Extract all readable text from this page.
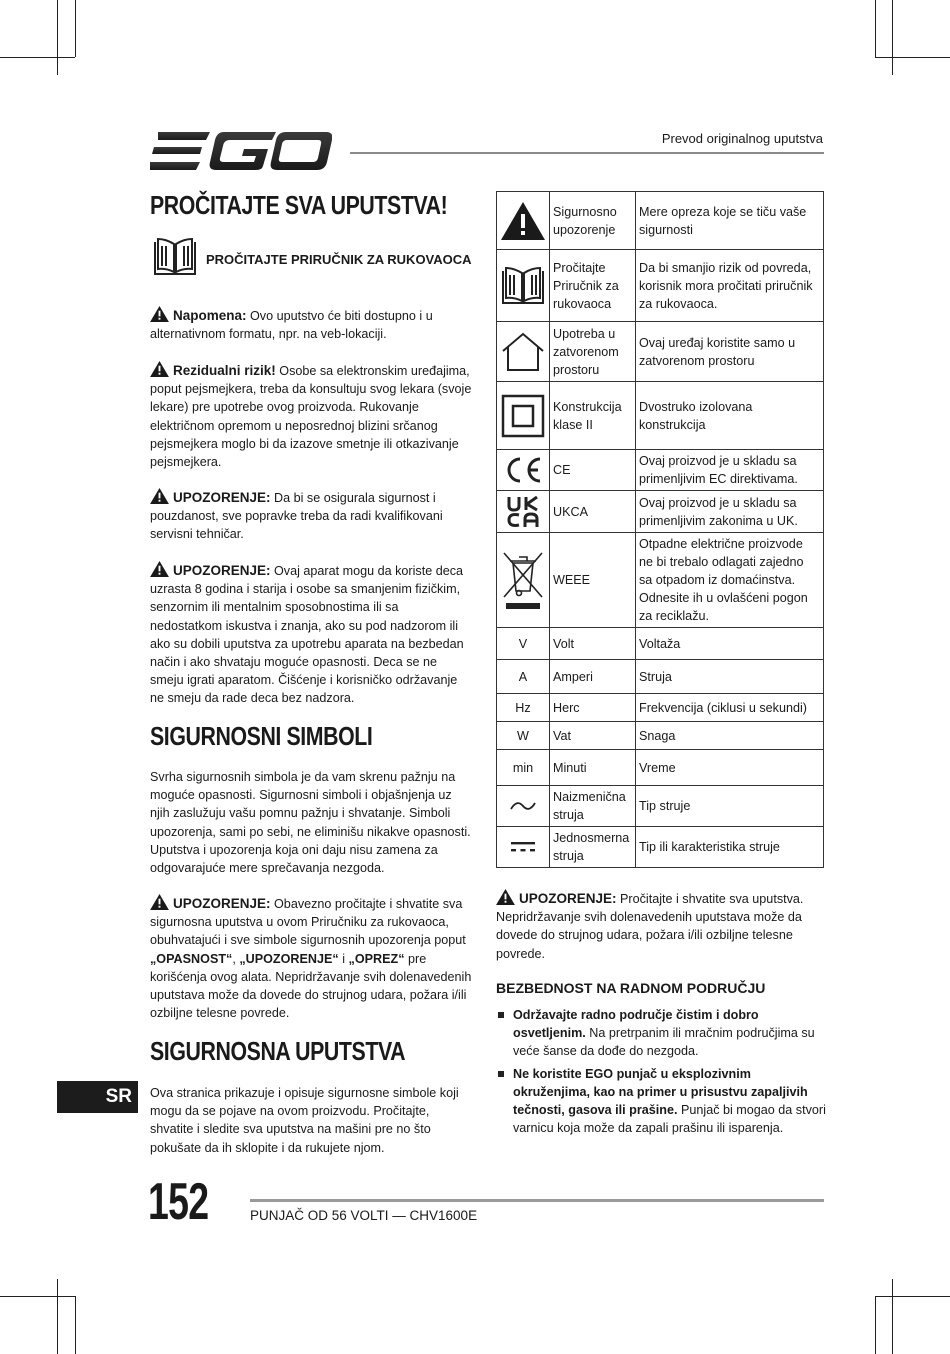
Prevod originalnog uputstva
PROČITAJTE SVA UPUTSTVA!
PROČITAJTE PRIRUČNIK ZA RUKOVAOCA
Napomena: Ovo uputstvo će biti dostupno i u alternativnom formatu, npr. na veb-lokaciji.
Rezidualni rizik! Osobe sa elektronskim uređajima, poput pejsmejkera, treba da konsultuju svog lekara (svoje lekare) pre upotrebe ovog proizvoda. Rukovanje električnom opremom u neposrednoj blizini srčanog pejsmejkera moglo bi da izazove smetnje ili otkazivanje pejsmejkera.
UPOZORENJE: Da bi se osigurala sigurnost i pouzdanost, sve popravke treba da radi kvalifikovani servisni tehničar.
UPOZORENJE: Ovaj aparat mogu da koriste deca uzrasta 8 godina i starija i osobe sa smanjenim fizičkim, senzornim ili mentalnim sposobnostima ili sa nedostatkom iskustva i znanja, ako su pod nadzorom ili ako su dobili uputstva za upotrebu aparata na bezbedan način i ako shvataju moguće opasnosti. Deca se ne smeju igrati aparatom. Čišćenje i korisničko održavanje ne smeju da rade deca bez nadzora.
SIGURNOSNI SIMBOLI
Svrha sigurnosnih simbola je da vam skrenu pažnju na moguće opasnosti. Sigurnosni simboli i objašnjenja uz njih zaslužuju vašu pomnu pažnju i shvatanje. Simboli upozorenja, sami po sebi, ne eliminišu nikakve opasnosti. Uputstva i upozorenja koja oni daju nisu zamena za odgovarajuće mere sprečavanja nezgoda.
UPOZORENJE: Obavezno pročitajte i shvatite sva sigurnosna uputstva u ovom Priručniku za rukovaoca, obuhvatajući i sve simbole sigurnosnih upozorenja poput „OPASNOST“, „UPOZORENJE“ i „OPREZ“ pre korišćenja ovog alata. Nepridržavanje svih dolenavedenih uputstava može da dovede do strujnog udara, požara i/ili ozbiljne telesne povrede.
SIGURNOSNA UPUTSTVA
Ova stranica prikazuje i opisuje sigurnosne simbole koji mogu da se pojave na ovom proizvodu. Pročitajte, shvatite i sledite sva uputstva na mašini pre no što pokušate da ih sklopite i da rukujete njom.
	Sigurnosno upozorenje	Mere opreza koje se tiču vaše sigurnosti

	Pročitajte Priručnik za rukovaoca	Da bi smanjio rizik od povreda, korisnik mora pročitati priručnik za rukovaoca.

	Upotreba u zatvorenom prostoru	Ovaj uređaj koristite samo u zatvorenom prostoru

	Konstrukcija klase II	Dvostruko izolovana konstrukcija

	CE	Ovaj proizvod je u skladu sa primenljivim EC direktivama.

	UKCA	Ovaj proizvod je u skladu sa primenljivim zakonima u UK.

	WEEE	Otpadne električne proizvode ne bi trebalo odlagati zajedno sa otpadom iz domaćinstva. Odnesite ih u ovlašćeni pogon za reciklažu.
V	Volt	Voltaža
A	Amperi	Struja
Hz	Herc	Frekvencija (ciklusi u sekundi)
W	Vat	Snaga
min	Minuti	Vreme

	Naizmenična struja	Tip struje

	Jednosmerna struja	Tip ili karakteristika struje
UPOZORENJE: Pročitajte i shvatite sva uputstva. Nepridržavanje svih dolenavedenih uputstava može da dovede do strujnog udara, požara i/ili ozbiljne telesne povrede.
BEZBEDNOST NA RADNOM PODRUČJU
Održavajte radno područje čistim i dobro osvetljenim. Na pretrpanim ili mračnim područjima su veće šanse da dođe do nezgoda.
Ne koristite EGO punjač u eksplozivnim okruženjima, kao na primer u prisustvu zapaljivih tečnosti, gasova ili prašine. Punjač bi mogao da stvori varnicu koja može da zapali prašinu ili isparenja.
SR
152	PUNJAČ OD 56 VOLTI — CHV1600E
